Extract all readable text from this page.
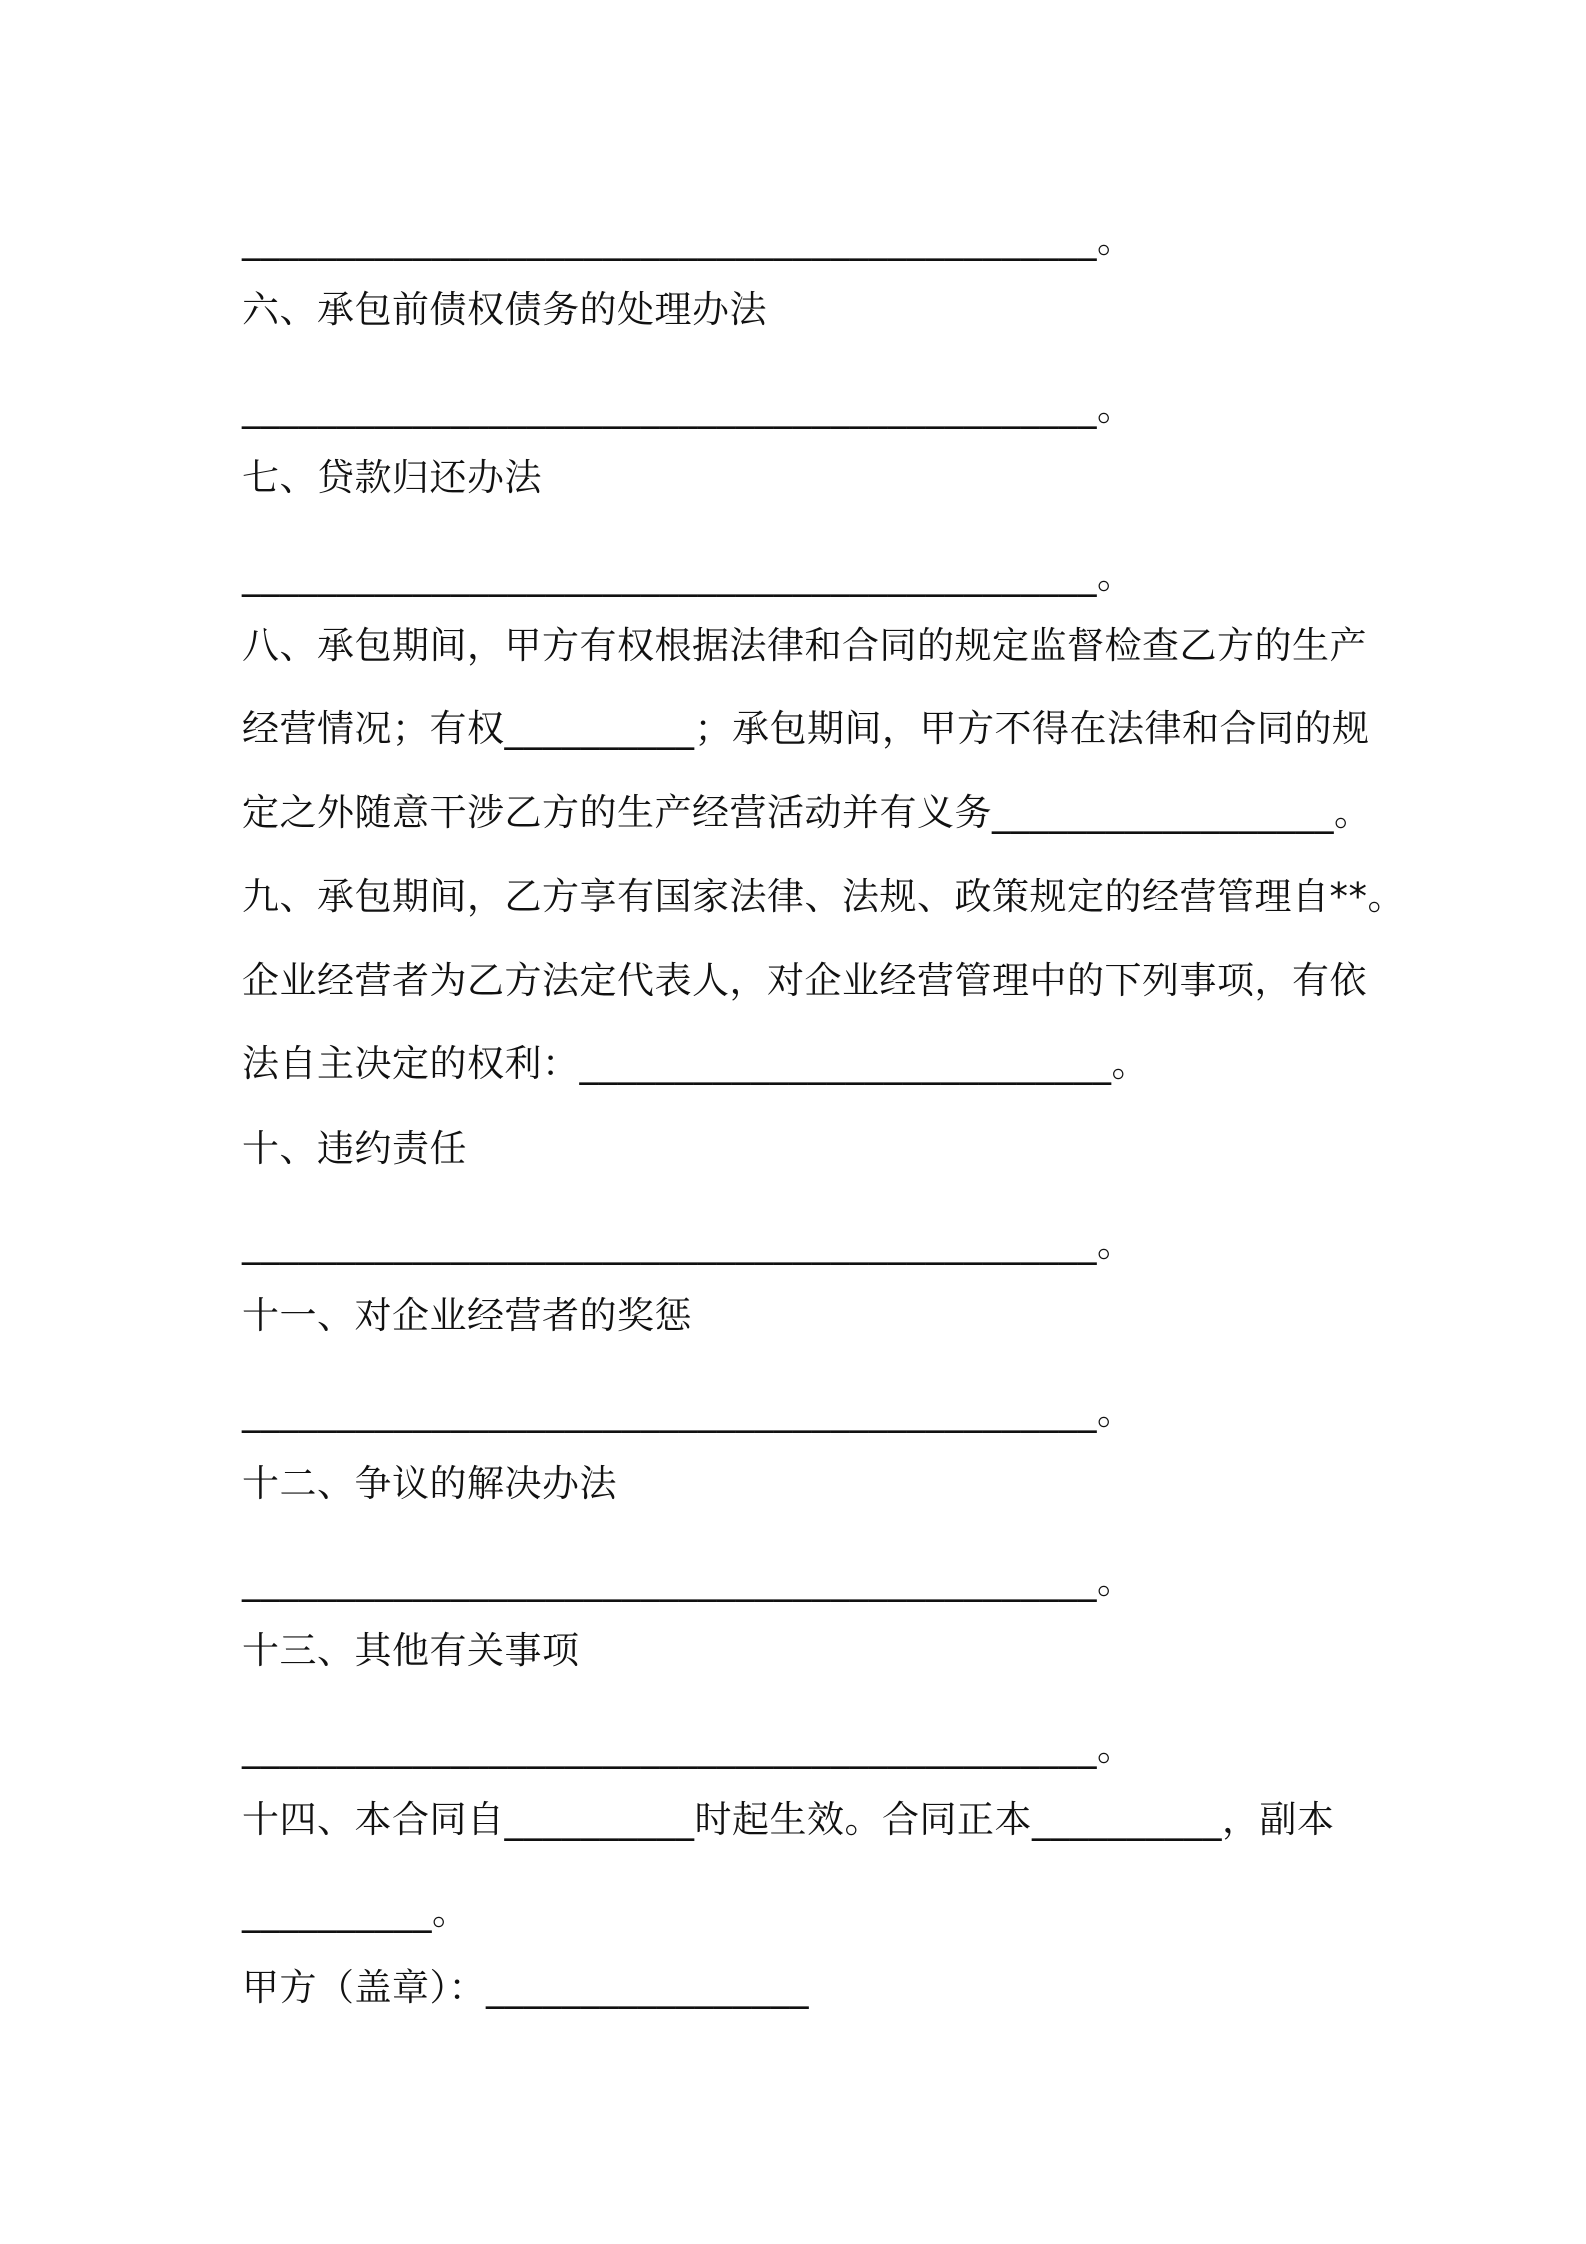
_____________________________________________。
六、承包前债权债务的处理办法
_____________________________________________。
七、贷款归还办法
_____________________________________________。
八、承包期间，甲方有权根据法律和合同的规定监督检查乙方的生产
经营情况；有权__________；承包期间，甲方不得在法律和合同的规
定之外随意干涉乙方的生产经营活动并有义务__________________。
九、承包期间，乙方享有国家法律、法规、政策规定的经营管理自**。
企业经营者为乙方法定代表人，对企业经营管理中的下列事项，有依
法自主决定的权利：____________________________。
十、违约责任
_____________________________________________。
十一、对企业经营者的奖惩
_____________________________________________。
十二、争议的解决办法
_____________________________________________。
十三、其他有关事项
_____________________________________________。
十四、本合同自__________时起生效。合同正本__________，副本
__________。
甲方（盖章）：_________________
